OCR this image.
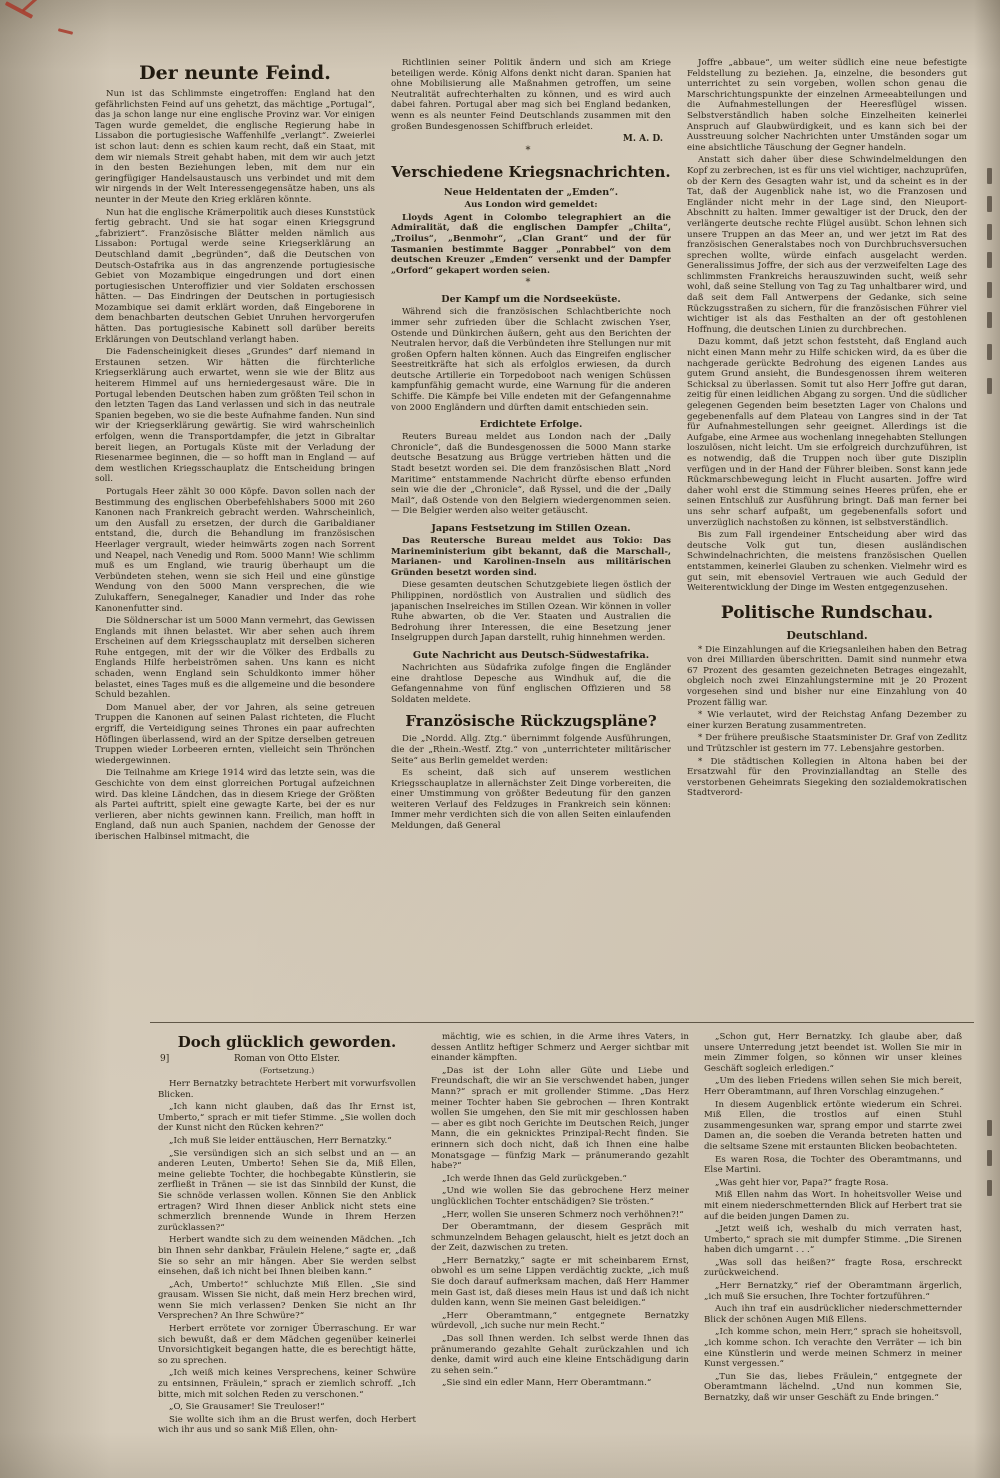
Der neunte Feind.

Nun ist das Schlimmste eingetroffen: England hat den gefährlichsten Feind auf uns gehetzt, das mächtige „Portugal“, das ja schon lange nur eine englische Provinz war. Vor einigen Tagen wurde gemeldet, die englische Regierung habe in Lissabon die portugiesische Waffenhilfe „verlangt“. Zweierlei ist schon laut: denn es schien kaum recht, daß ein Staat, mit dem wir niemals Streit gehabt haben, mit dem wir auch jetzt in den besten Beziehungen leben, mit dem nur ein geringfügiger Handelsaustausch uns verbindet und mit dem wir nirgends in der Welt Interessengegensätze haben, uns als neunter in der Meute den Krieg erklären könnte.

Nun hat die englische Krämerpolitik auch dieses Kunststück fertig gebracht. Und sie hat sogar einen Kriegsgrund „fabriziert“. Französische Blätter melden nämlich aus Lissabon: Portugal werde seine Kriegserklärung an Deutschland damit „begründen“, daß die Deutschen von Deutsch-Ostafrika aus in das angrenzende portugiesische Gebiet von Mozambique eingedrungen und dort einen portugiesischen Unteroffizier und vier Soldaten erschossen hätten. — Das Eindringen der Deutschen in portugiesisch Mozambique sei damit erklärt worden, daß Eingeborene in dem benachbarten deutschen Gebiet Unruhen hervorgerufen hätten. Das portugiesische Kabinett soll darüber bereits Erklärungen von Deutschland verlangt haben.

Die Fadenscheinigkeit dieses „Grundes“ darf niemand in Erstaunen setzen. Wir hätten die fürchterliche Kriegserklärung auch erwartet, wenn sie wie der Blitz aus heiterem Himmel auf uns herniedergesaust wäre. Die in Portugal lebenden Deutschen haben zum größten Teil schon in den letzten Tagen das Land verlassen und sich in das neutrale Spanien begeben, wo sie die beste Aufnahme fanden. Nun sind wir der Kriegserklärung gewärtig. Sie wird wahrscheinlich erfolgen, wenn die Transportdampfer, die jetzt in Gibraltar bereit liegen, an Portugals Küste mit der Verladung der Riesenarmee beginnen, die — so hofft man in England — auf dem westlichen Kriegsschauplatz die Entscheidung bringen soll.

Portugals Heer zählt 30 000 Köpfe. Davon sollen nach der Bestimmung des englischen Oberbefehlshabers 5000 mit 260 Kanonen nach Frankreich gebracht werden. Wahrscheinlich, um den Ausfall zu ersetzen, der durch die Garibaldianer entstand, die, durch die Behandlung im französischen Heerlager vergrault, wieder heimwärts zogen nach Sorrent und Neapel, nach Venedig und Rom. 5000 Mann! Wie schlimm muß es um England, wie traurig überhaupt um die Verbündeten stehen, wenn sie sich Heil und eine günstige Wendung von den 5000 Mann versprechen, die wie Zulukaffern, Senegalneger, Kanadier und Inder das rohe Kanonenfutter sind.

Die Söldnerschar ist um 5000 Mann vermehrt, das Gewissen Englands mit ihnen belastet. Wir aber sehen auch ihrem Erscheinen auf dem Kriegsschauplatz mit derselben sicheren Ruhe entgegen, mit der wir die Völker des Erdballs zu Englands Hilfe herbeiströmen sahen. Uns kann es nicht schaden, wenn England sein Schuldkonto immer höher belastet, eines Tages muß es die allgemeine und die besondere Schuld bezahlen.

Dom Manuel aber, der vor Jahren, als seine getreuen Truppen die Kanonen auf seinen Palast richteten, die Flucht ergriff, die Verteidigung seines Thrones ein paar aufrechten Höflingen überlassend, wird an der Spitze derselben getreuen Truppen wieder Lorbeeren ernten, vielleicht sein Thrönchen wiedergewinnen.

Die Teilnahme am Kriege 1914 wird das letzte sein, was die Geschichte von dem einst glorreichen Portugal aufzeichnen wird. Das kleine Ländchen, das in diesem Kriege der Größten als Partei auftritt, spielt eine gewagte Karte, bei der es nur verlieren, aber nichts gewinnen kann. Freilich, man hofft in England, daß nun auch Spanien, nachdem der Genosse der iberischen Halbinsel mitmacht, die

Richtlinien seiner Politik ändern und sich am Kriege beteiligen werde. König Alfons denkt nicht daran. Spanien hat ohne Mobilisierung alle Maßnahmen getroffen, um seine Neutralität aufrechterhalten zu können, und es wird auch dabei fahren. Portugal aber mag sich bei England bedanken, wenn es als neunter Feind Deutschlands zusammen mit den großen Bundesgenossen Schiffbruch erleidet.

M. A. D.
*
Verschiedene Kriegsnachrichten.
Neue Heldentaten der „Emden“.

Aus London wird gemeldet:

Lloyds Agent in Colombo telegraphiert an die Admiralität, daß die englischen Dampfer „Chilta“, „Troilus“, „Benmohr“, „Clan Grant“ und der für Tasmanien bestimmte Bagger „Ponrabbel“ von dem deutschen Kreuzer „Emden“ versenkt und der Dampfer „Orford“ gekapert worden seien.

*
Der Kampf um die Nordseeküste.

Während sich die französischen Schlachtberichte noch immer sehr zufrieden über die Schlacht zwischen Yser, Ostende und Dünkirchen äußern, geht aus den Berichten der Neutralen hervor, daß die Verbündeten ihre Stellungen nur mit großen Opfern halten können. Auch das Eingreifen englischer Seestreitkräfte hat sich als erfolglos erwiesen, da durch deutsche Artillerie ein Torpedoboot nach wenigen Schüssen kampfunfähig gemacht wurde, eine Warnung für die anderen Schiffe. Die Kämpfe bei Ville endeten mit der Gefangennahme von 2000 Engländern und dürften damit entschieden sein.

Erdichtete Erfolge.

Reuters Bureau meldet aus London nach der „Daily Chronicle“, daß die Bundesgenossen die 5000 Mann starke deutsche Besatzung aus Brügge vertrieben hätten und die Stadt besetzt worden sei. Die dem französischen Blatt „Nord Maritime“ entstammende Nachricht dürfte ebenso erfunden sein wie die der „Chronicle“, daß Ryssel, und die der „Daily Mail“, daß Ostende von den Belgiern wiedergenommen seien. — Die Belgier werden also weiter getäuscht.

Japans Festsetzung im Stillen Ozean.

Das Reutersche Bureau meldet aus Tokio: Das Marineministerium gibt bekannt, daß die Marschall-, Marianen- und Karolinen-Inseln aus militärischen Gründen besetzt worden sind.

Diese gesamten deutschen Schutzgebiete liegen östlich der Philippinen, nordöstlich von Australien und südlich des japanischen Inselreiches im Stillen Ozean. Wir können in voller Ruhe abwarten, ob die Ver. Staaten und Australien die Bedrohung ihrer Interessen, die eine Besetzung jener Inselgruppen durch Japan darstellt, ruhig hinnehmen werden.

Gute Nachricht aus Deutsch-Südwestafrika.

Nachrichten aus Südafrika zufolge fingen die Engländer eine drahtlose Depesche aus Windhuk auf, die die Gefangennahme von fünf englischen Offizieren und 58 Soldaten meldete.

Französische Rückzugspläne?

Die „Nordd. Allg. Ztg.“ übernimmt folgende Ausführungen, die der „Rhein.-Westf. Ztg.“ von „unterrichteter militärischer Seite“ aus Berlin gemeldet werden:

Es scheint, daß sich auf unserem westlichen Kriegsschauplatze in allernächster Zeit Dinge vorbereiten, die einer Umstimmung von größter Bedeutung für den ganzen weiteren Verlauf des Feldzuges in Frankreich sein können: Immer mehr verdichten sich die von allen Seiten einlaufenden Meldungen, daß General

Joffre „abbaue“, um weiter südlich eine neue befestigte Feldstellung zu beziehen. Ja, einzelne, die besonders gut unterrichtet zu sein vorgeben, wollen schon genau die Marschrichtungspunkte der einzelnen Armeeabteilungen und die Aufnahmestellungen der Heeresflügel wissen. Selbstverständlich haben solche Einzelheiten keinerlei Anspruch auf Glaubwürdigkeit, und es kann sich bei der Ausstreuung solcher Nachrichten unter Umständen sogar um eine absichtliche Täuschung der Gegner handeln.

Anstatt sich daher über diese Schwindelmeldungen den Kopf zu zerbrechen, ist es für uns viel wichtiger, nachzuprüfen, ob der Kern des Gesagten wahr ist, und da scheint es in der Tat, daß der Augenblick nahe ist, wo die Franzosen und Engländer nicht mehr in der Lage sind, den Nieuport-Abschnitt zu halten. Immer gewaltiger ist der Druck, den der verlängerte deutsche rechte Flügel ausübt. Schon lehnen sich unsere Truppen an das Meer an, und wer jetzt im Rat des französischen Generalstabes noch von Durchbruchsversuchen sprechen wollte, würde einfach ausgelacht werden. Generalissimus Joffre, der sich aus der verzweifelten Lage des schlimmsten Frankreichs herauszuwinden sucht, weiß sehr wohl, daß seine Stellung von Tag zu Tag unhaltbarer wird, und daß seit dem Fall Antwerpens der Gedanke, sich seine Rückzugsstraßen zu sichern, für die französischen Führer viel wichtiger ist als das Festhalten an der oft gestohlenen Hoffnung, die deutschen Linien zu durchbrechen.

Dazu kommt, daß jetzt schon feststeht, daß England auch nicht einen Mann mehr zu Hilfe schicken wird, da es über die nachgerade gerückte Bedrohung des eigenen Landes aus gutem Grund ansieht, die Bundesgenossen ihrem weiteren Schicksal zu überlassen. Somit tut also Herr Joffre gut daran, zeitig für einen leidlichen Abgang zu sorgen. Und die südlicher gelegenen Gegenden beim besetzten Lager von Chalons und gegebenenfalls auf dem Plateau von Langres sind in der Tat für Aufnahmestellungen sehr geeignet. Allerdings ist die Aufgabe, eine Armee aus wochenlang innegehabten Stellungen loszulösen, nicht leicht. Um sie erfolgreich durchzuführen, ist es notwendig, daß die Truppen noch über gute Disziplin verfügen und in der Hand der Führer bleiben. Sonst kann jede Rückmarschbewegung leicht in Flucht ausarten. Joffre wird daher wohl erst die Stimmung seines Heeres prüfen, ehe er seinen Entschluß zur Ausführung bringt. Daß man ferner bei uns sehr scharf aufpaßt, um gegebenenfalls sofort und unverzüglich nachstoßen zu können, ist selbstverständlich.

Bis zum Fall irgendeiner Entscheidung aber wird das deutsche Volk gut tun, diesen ausländischen Schwindelnachrichten, die meistens französischen Quellen entstammen, keinerlei Glauben zu schenken. Vielmehr wird es gut sein, mit ebensoviel Vertrauen wie auch Geduld der Weiterentwicklung der Dinge im Westen entgegenzusehen.

Politische Rundschau.
Deutschland.

* Die Einzahlungen auf die Kriegsanleihen haben den Betrag von drei Milliarden überschritten. Damit sind nunmehr etwa 67 Prozent des gesamten gezeichneten Betrages eingezahlt, obgleich noch zwei Einzahlungstermine mit je 20 Prozent vorgesehen sind und bisher nur eine Einzahlung von 40 Prozent fällig war.

* Wie verlautet, wird der Reichstag Anfang Dezember zu einer kurzen Beratung zusammentreten.

* Der frühere preußische Staatsminister Dr. Graf von Zedlitz und Trützschler ist gestern im 77. Lebensjahre gestorben.

* Die städtischen Kollegien in Altona haben bei der Ersatzwahl für den Provinziallandtag an Stelle des verstorbenen Geheimrats Siegeking den sozialdemokratischen Stadtverord-

Doch glücklich geworden.
9]	Roman von Otto Elster.
(Fortsetzung.)

Herr Bernatzky betrachtete Herbert mit vorwurfsvollen Blicken.

„Ich kann nicht glauben, daß das Ihr Ernst ist, Umberto,“ sprach er mit tiefer Stimme. „Sie wollen doch der Kunst nicht den Rücken kehren?“

„Ich muß Sie leider enttäuschen, Herr Bernatzky.“

„Sie versündigen sich an sich selbst und an — an anderen Leuten, Umberto! Sehen Sie da, Miß Ellen, meine geliebte Tochter, die hochbegabte Künstlerin, sie zerfließt in Tränen — sie ist das Sinnbild der Kunst, die Sie schnöde verlassen wollen. Können Sie den Anblick ertragen? Wird Ihnen dieser Anblick nicht stets eine schmerzlich brennende Wunde in Ihrem Herzen zurücklassen?“

Herbert wandte sich zu dem weinenden Mädchen. „Ich bin Ihnen sehr dankbar, Fräulein Helene,“ sagte er, „daß Sie so sehr an mir hängen. Aber Sie werden selbst einsehen, daß ich nicht bei Ihnen bleiben kann.“

„Ach, Umberto!“ schluchzte Miß Ellen. „Sie sind grausam. Wissen Sie nicht, daß mein Herz brechen wird, wenn Sie mich verlassen? Denken Sie nicht an Ihr Versprechen? An Ihre Schwüre?“

Herbert errötete vor zorniger Überraschung. Er war sich bewußt, daß er dem Mädchen gegenüber keinerlei Unvorsichtigkeit begangen hatte, die es berechtigt hätte, so zu sprechen.

„Ich weiß mich keines Versprechens, keiner Schwüre zu entsinnen, Fräulein,“ sprach er ziemlich schroff. „Ich bitte, mich mit solchen Reden zu verschonen.“

„O, Sie Grausamer! Sie Treuloser!“

Sie wollte sich ihm an die Brust werfen, doch Herbert wich ihr aus und so sank Miß Ellen, ohn-

mächtig, wie es schien, in die Arme ihres Vaters, in dessen Antlitz heftiger Schmerz und Aerger sichtbar mit einander kämpften.

„Das ist der Lohn aller Güte und Liebe und Freundschaft, die wir an Sie verschwendet haben, junger Mann?“ sprach er mit grollender Stimme. „Das Herz meiner Tochter haben Sie gebrochen — Ihren Kontrakt wollen Sie umgehen, den Sie mit mir geschlossen haben — aber es gibt noch Gerichte im Deutschen Reich, junger Mann, die ein geknicktes Prinzipal-Recht finden. Sie erinnern sich doch nicht, daß ich Ihnen eine halbe Monatsgage — fünfzig Mark — pränumerando gezahlt habe?“

„Ich werde Ihnen das Geld zurückgeben.“

„Und wie wollen Sie das gebrochene Herz meiner unglücklichen Tochter entschädigen? Sie trösten.“

„Herr, wollen Sie unseren Schmerz noch verhöhnen?!“

Der Oberamtmann, der diesem Gespräch mit schmunzelndem Behagen gelauscht, hielt es jetzt doch an der Zeit, dazwischen zu treten.

„Herr Bernatzky,“ sagte er mit scheinbarem Ernst, obwohl es um seine Lippen verdächtig zuckte, „ich muß Sie doch darauf aufmerksam machen, daß Herr Hammer mein Gast ist, daß dieses mein Haus ist und daß ich nicht dulden kann, wenn Sie meinen Gast beleidigen.“

„Herr Oberamtmann,“ entgegnete Bernatzky würdevoll, „ich suche nur mein Recht.“

„Das soll Ihnen werden. Ich selbst werde Ihnen das pränumerando gezahlte Gehalt zurückzahlen und ich denke, damit wird auch eine kleine Entschädigung darin zu sehen sein.“

„Sie sind ein edler Mann, Herr Oberamtmann.“

„Schon gut, Herr Bernatzky. Ich glaube aber, daß unsere Unterredung jetzt beendet ist. Wollen Sie mir in mein Zimmer folgen, so können wir unser kleines Geschäft sogleich erledigen.“

„Um des lieben Friedens willen sehen Sie mich bereit, Herr Oberamtmann, auf Ihren Vorschlag einzugehen.“

In diesem Augenblick ertönte wiederum ein Schrei. Miß Ellen, die trostlos auf einen Stuhl zusammengesunken war, sprang empor und starrte zwei Damen an, die soeben die Veranda betreten hatten und die seltsame Szene mit erstaunten Blicken beobachteten.

Es waren Rosa, die Tochter des Oberamtmanns, und Else Martini.

„Was geht hier vor, Papa?“ fragte Rosa.

Miß Ellen nahm das Wort. In hoheitsvoller Weise und mit einem niederschmetternden Blick auf Herbert trat sie auf die beiden jungen Damen zu.

„Jetzt weiß ich, weshalb du mich verraten hast, Umberto,“ sprach sie mit dumpfer Stimme. „Die Sirenen haben dich umgarnt . . .“

„Was soll das heißen?“ fragte Rosa, erschreckt zurückweichend.

„Herr Bernatzky,“ rief der Oberamtmann ärgerlich, „ich muß Sie ersuchen, Ihre Tochter fortzuführen.“

Auch ihn traf ein ausdrücklicher niederschmetternder Blick der schönen Augen Miß Ellens.

„Ich komme schon, mein Herr,“ sprach sie hoheitsvoll, „ich komme schon. Ich verachte den Verräter — ich bin eine Künstlerin und werde meinen Schmerz in meiner Kunst vergessen.“

„Tun Sie das, liebes Fräulein,“ entgegnete der Oberamtmann lächelnd. „Und nun kommen Sie, Bernatzky, daß wir unser Geschäft zu Ende bringen.“
